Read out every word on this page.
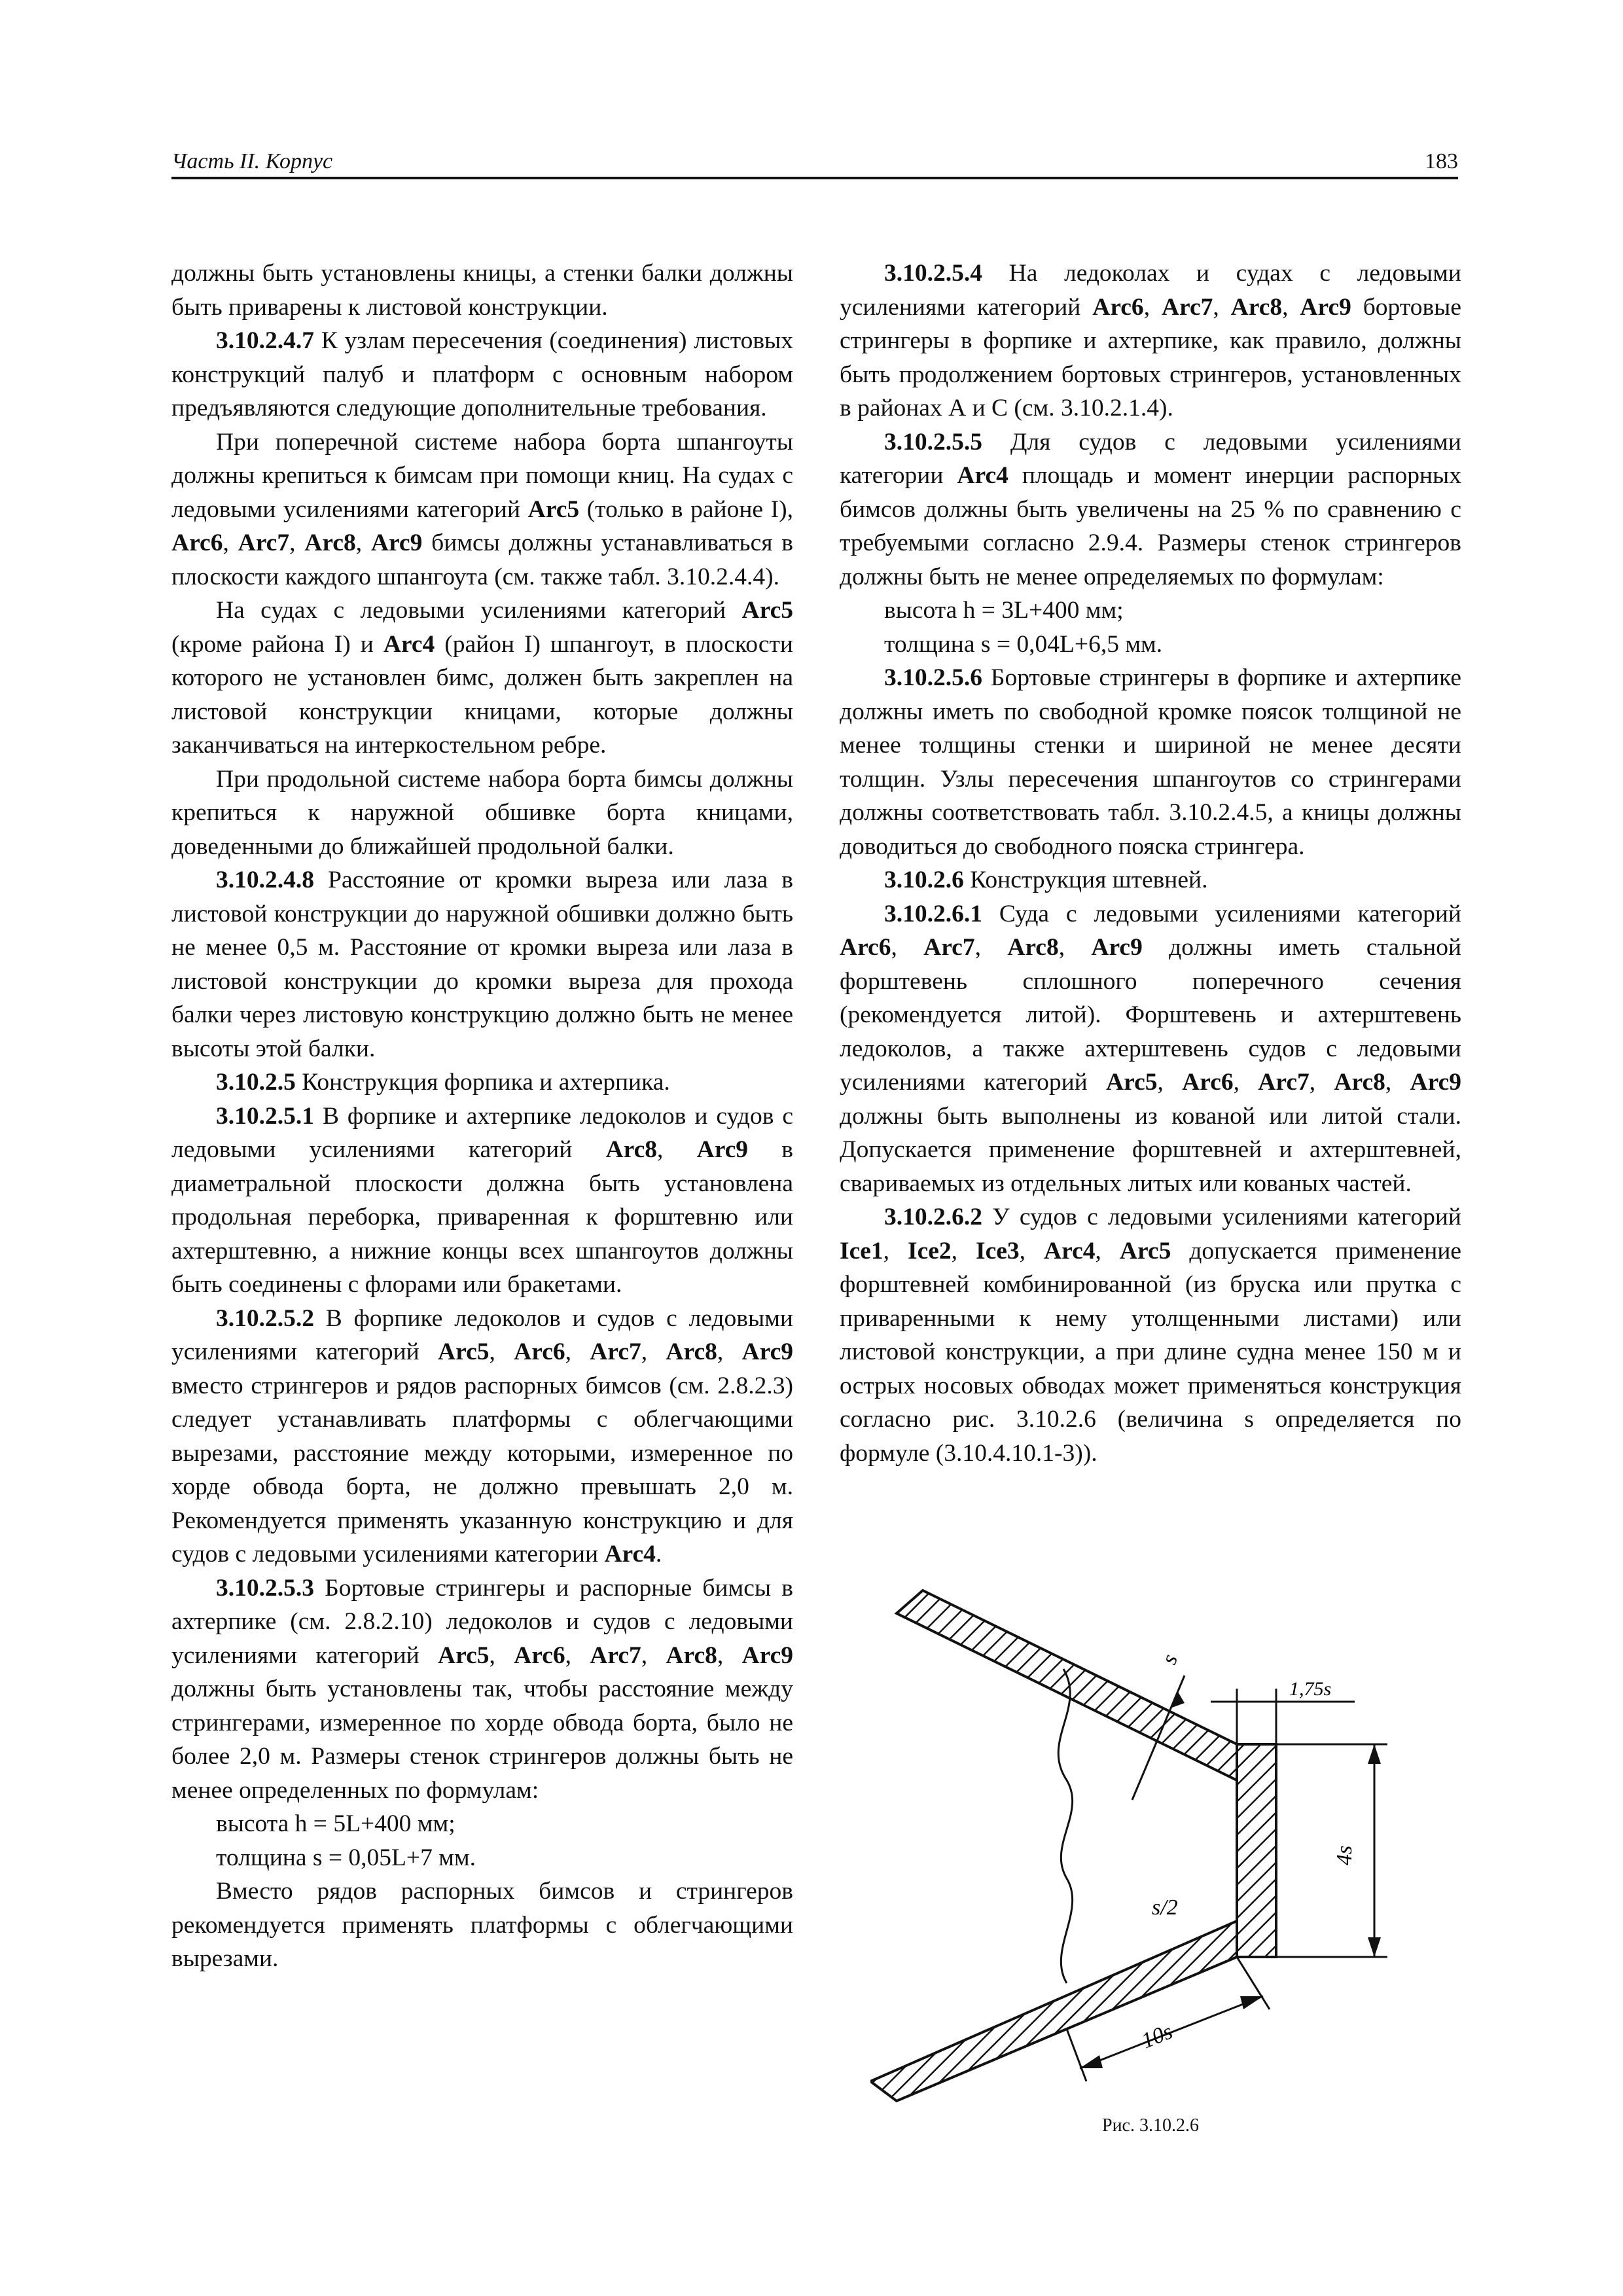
Часть II. Корпус	183

должны быть установлены кницы, а стенки балки должны быть приварены к листовой конструкции.

3.10.2.4.7 К узлам пересечения (соединения) листовых конструкций палуб и платформ с основным набором предъявляются следующие дополнительные требования.

При поперечной системе набора борта шпангоуты должны крепиться к бимсам при помощи книц. На судах с ледовыми усилениями категорий Arc5 (только в районе I), Arc6, Arc7, Arc8, Arc9 бимсы должны устанавливаться в плоскости каждого шпангоута (см. также табл. 3.10.2.4.4).

На судах с ледовыми усилениями категорий Arc5 (кроме района I) и Arc4 (район I) шпангоут, в плоскости которого не установлен бимс, должен быть закреплен на листовой конструкции кницами, которые должны заканчиваться на интеркостельном ребре.

При продольной системе набора борта бимсы должны крепиться к наружной обшивке борта кницами, доведенными до ближайшей продольной балки.

3.10.2.4.8 Расстояние от кромки выреза или лаза в листовой конструкции до наружной обшивки должно быть не менее 0,5 м. Расстояние от кромки выреза или лаза в листовой конструкции до кромки выреза для прохода балки через листовую конструкцию должно быть не менее высоты этой балки.

3.10.2.5 Конструкция форпика и ахтерпика.

3.10.2.5.1 В форпике и ахтерпике ледоколов и судов с ледовыми усилениями категорий Arc8, Arc9 в диаметральной плоскости должна быть установлена продольная переборка, приваренная к форштевню или ахтерштевню, а нижние концы всех шпангоутов должны быть соединены с флорами или бракетами.

3.10.2.5.2 В форпике ледоколов и судов с ледовыми усилениями категорий Arc5, Arc6, Arc7, Arc8, Arc9 вместо стрингеров и рядов распорных бимсов (см. 2.8.2.3) следует устанавливать платформы с облегчающими вырезами, расстояние между которыми, измеренное по хорде обвода борта, не должно превышать 2,0 м. Рекомендуется применять указанную конструкцию и для судов с ледовыми усилениями категории Arc4.

3.10.2.5.3 Бортовые стрингеры и распорные бимсы в ахтерпике (см. 2.8.2.10) ледоколов и судов с ледовыми усилениями категорий Arc5, Arc6, Arc7, Arc8, Arc9 должны быть установлены так, чтобы расстояние между стрингерами, измеренное по хорде обвода борта, было не более 2,0 м. Размеры стенок стрингеров должны быть не менее определенных по формулам:

высота h = 5L+400 мм;

толщина s = 0,05L+7 мм.

Вместо рядов распорных бимсов и стрингеров рекомендуется применять платформы с облегчающими вырезами.

3.10.2.5.4 На ледоколах и судах с ледовыми усилениями категорий Arc6, Arc7, Arc8, Arc9 бортовые стрингеры в форпике и ахтерпике, как правило, должны быть продолжением бортовых стрингеров, установленных в районах А и С (см. 3.10.2.1.4).

3.10.2.5.5 Для судов с ледовыми усилениями категории Arc4 площадь и момент инерции распорных бимсов должны быть увеличены на 25 % по сравнению с требуемыми согласно 2.9.4. Размеры стенок стрингеров должны быть не менее определяемых по формулам:

высота h = 3L+400 мм;

толщина s = 0,04L+6,5 мм.

3.10.2.5.6 Бортовые стрингеры в форпике и ахтерпике должны иметь по свободной кромке поясок толщиной не менее толщины стенки и шириной не менее десяти толщин. Узлы пересечения шпангоутов со стрингерами должны соответствовать табл. 3.10.2.4.5, а кницы должны доводиться до свободного пояска стрингера.

3.10.2.6 Конструкция штевней.

3.10.2.6.1 Суда с ледовыми усилениями категорий Arc6, Arc7, Arc8, Arc9 должны иметь стальной форштевень сплошного поперечного сечения (рекомендуется литой). Форштевень и ахтерштевень ледоколов, а также ахтерштевень судов с ледовыми усилениями категорий Arc5, Arc6, Arc7, Arc8, Arc9 должны быть выполнены из кованой или литой стали. Допускается применение форштевней и ахтерштевней, свариваемых из отдельных литых или кованых частей.

3.10.2.6.2 У судов с ледовыми усилениями категорий Ice1, Ice2, Ice3, Arc4, Arc5 допускается применение форштевней комбинированной (из бруска или прутка с приваренными к нему утолщенными листами) или листовой конструкции, а при длине судна менее 150 м и острых носовых обводах может применяться конструкция согласно рис. 3.10.2.6 (величина s определяется по формуле (3.10.4.10.1-3)).

s
1,75s
4s
s/2
10s
Рис. 3.10.2.6
